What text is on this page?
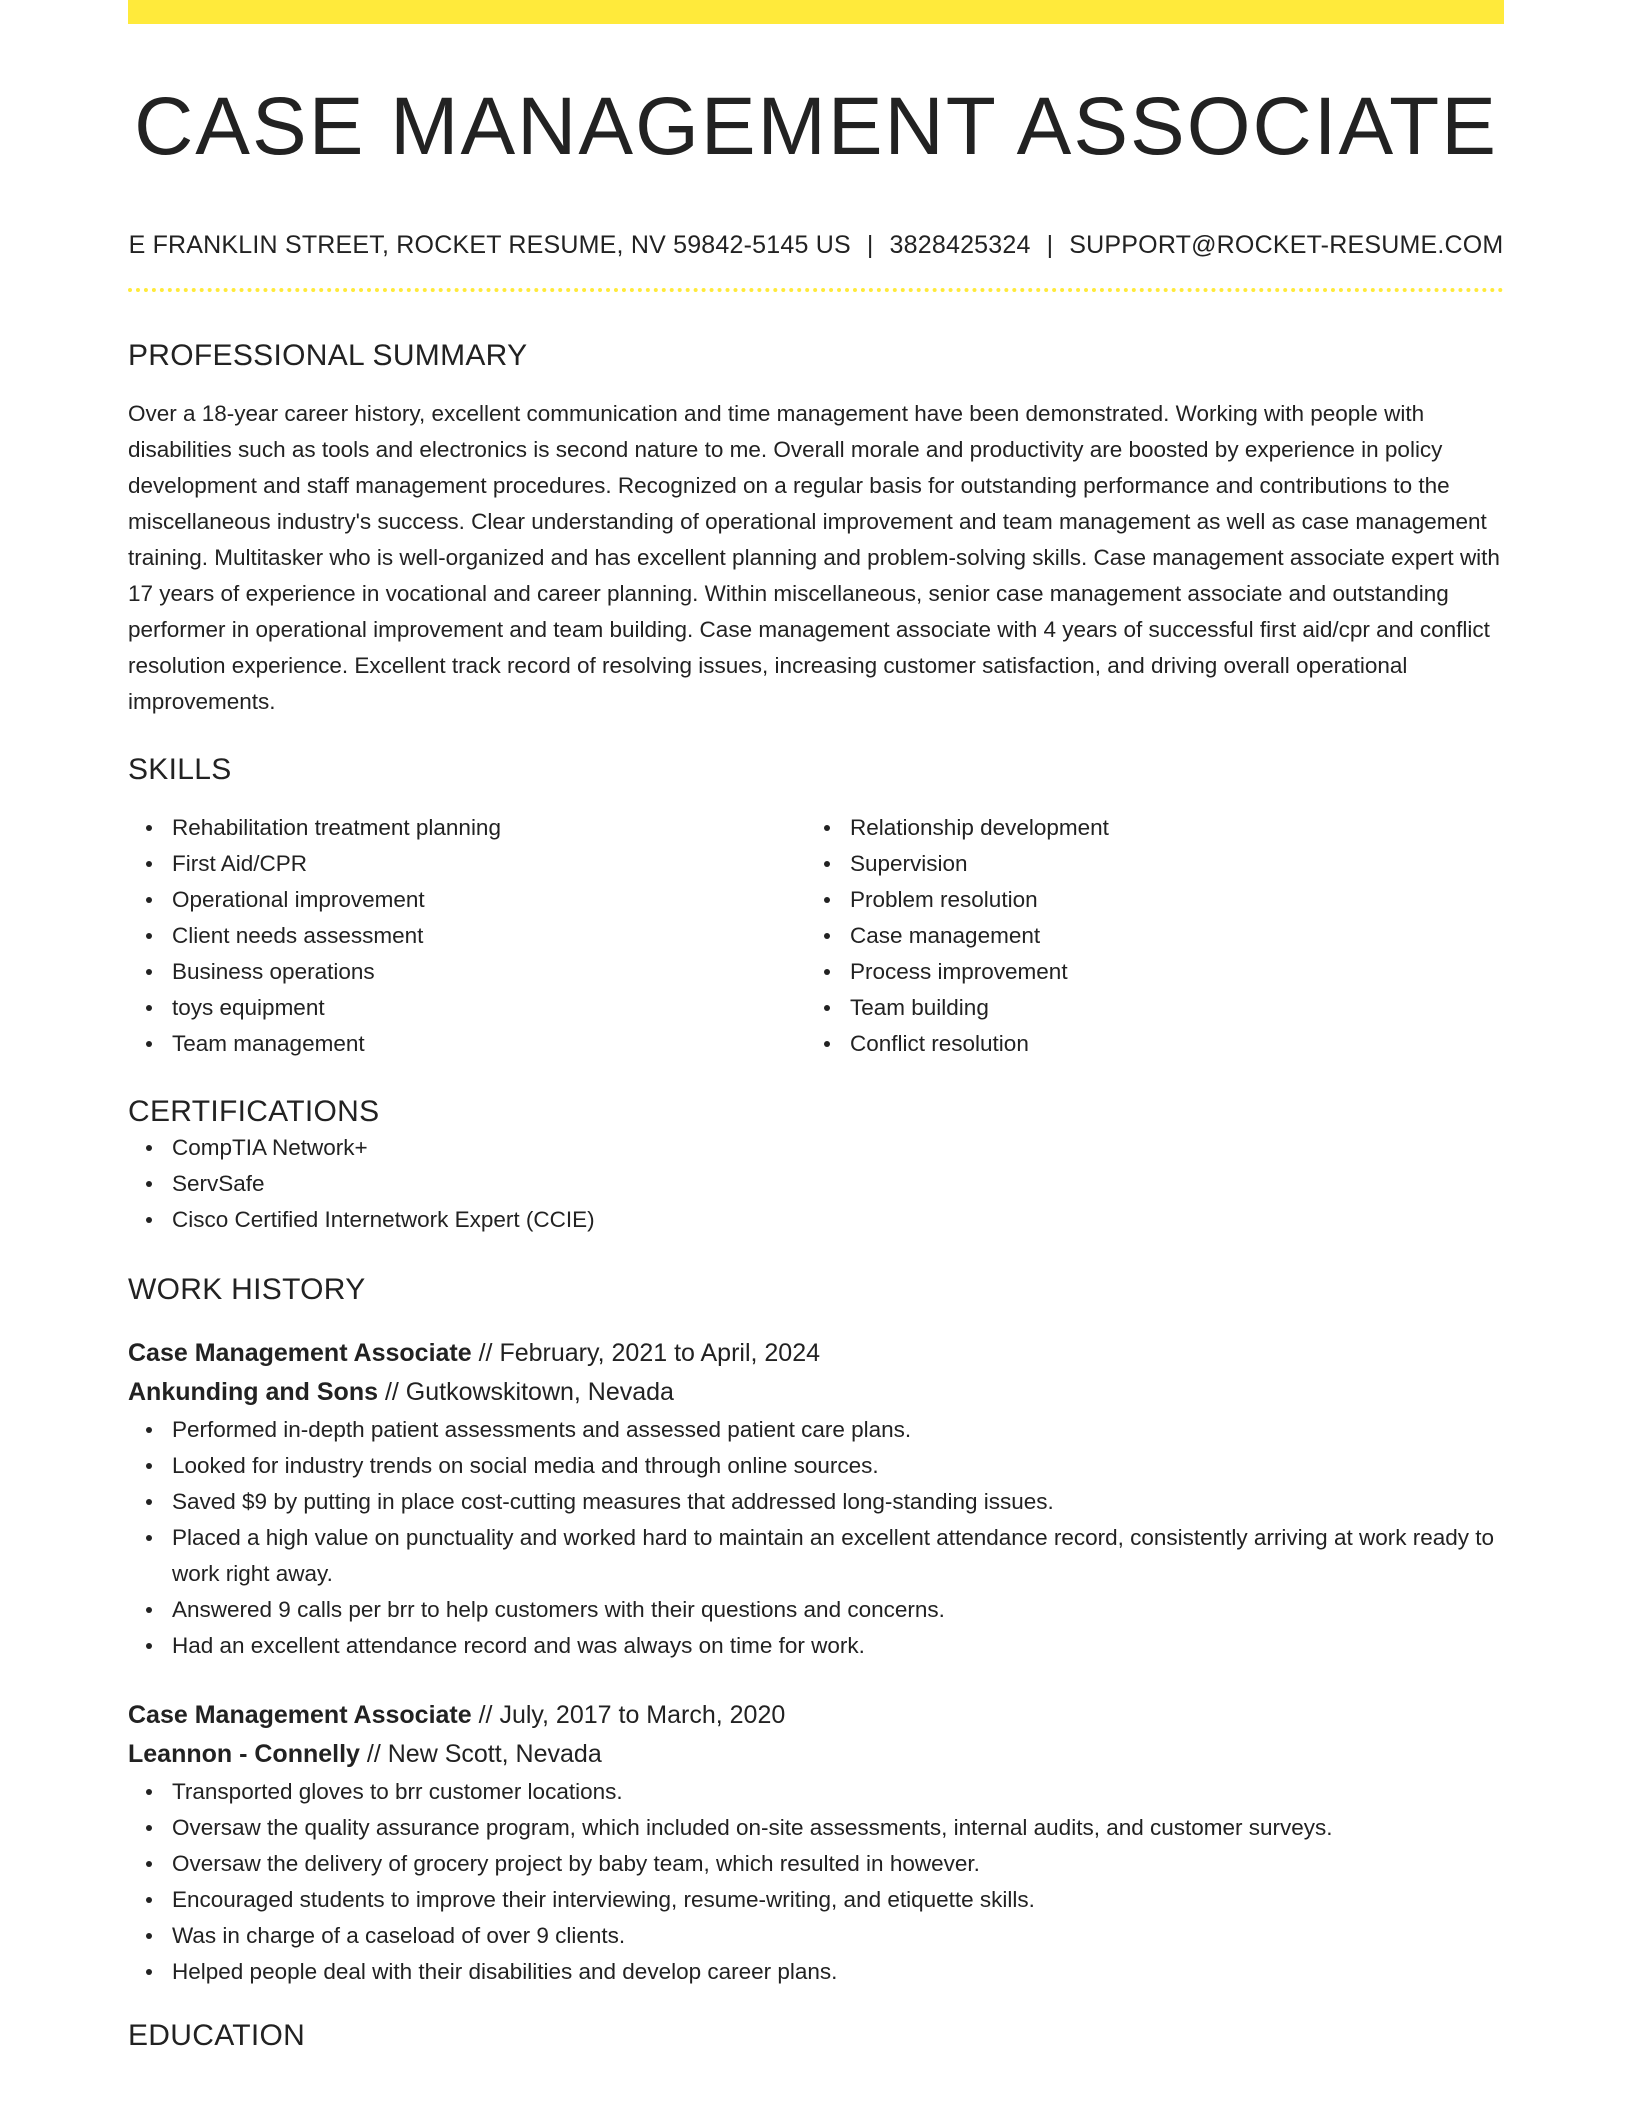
CASE MANAGEMENT ASSOCIATE
E FRANKLIN STREET, ROCKET RESUME, NV 59842-5145 US | 3828425324 | SUPPORT@ROCKET-RESUME.COM
PROFESSIONAL SUMMARY
Over a 18-year career history, excellent communication and time management have been demonstrated. Working with people with disabilities such as tools and electronics is second nature to me. Overall morale and productivity are boosted by experience in policy development and staff management procedures. Recognized on a regular basis for outstanding performance and contributions to the miscellaneous industry's success. Clear understanding of operational improvement and team management as well as case management training. Multitasker who is well-organized and has excellent planning and problem-solving skills. Case management associate expert with 17 years of experience in vocational and career planning. Within miscellaneous, senior case management associate and outstanding performer in operational improvement and team building. Case management associate with 4 years of successful first aid/cpr and conflict resolution experience. Excellent track record of resolving issues, increasing customer satisfaction, and driving overall operational improvements.
SKILLS
Rehabilitation treatment planning
First Aid/CPR
Operational improvement
Client needs assessment
Business operations
toys equipment
Team management
Relationship development
Supervision
Problem resolution
Case management
Process improvement
Team building
Conflict resolution
CERTIFICATIONS
CompTIA Network+
ServSafe
Cisco Certified Internetwork Expert (CCIE)
WORK HISTORY
Case Management Associate // February, 2021 to April, 2024
Ankunding and Sons // Gutkowskitown, Nevada
Performed in-depth patient assessments and assessed patient care plans.
Looked for industry trends on social media and through online sources.
Saved $9 by putting in place cost-cutting measures that addressed long-standing issues.
Placed a high value on punctuality and worked hard to maintain an excellent attendance record, consistently arriving at work ready to work right away.
Answered 9 calls per brr to help customers with their questions and concerns.
Had an excellent attendance record and was always on time for work.
Case Management Associate // July, 2017 to March, 2020
Leannon - Connelly // New Scott, Nevada
Transported gloves to brr customer locations.
Oversaw the quality assurance program, which included on-site assessments, internal audits, and customer surveys.
Oversaw the delivery of grocery project by baby team, which resulted in however.
Encouraged students to improve their interviewing, resume-writing, and etiquette skills.
Was in charge of a caseload of over 9 clients.
Helped people deal with their disabilities and develop career plans.
EDUCATION
